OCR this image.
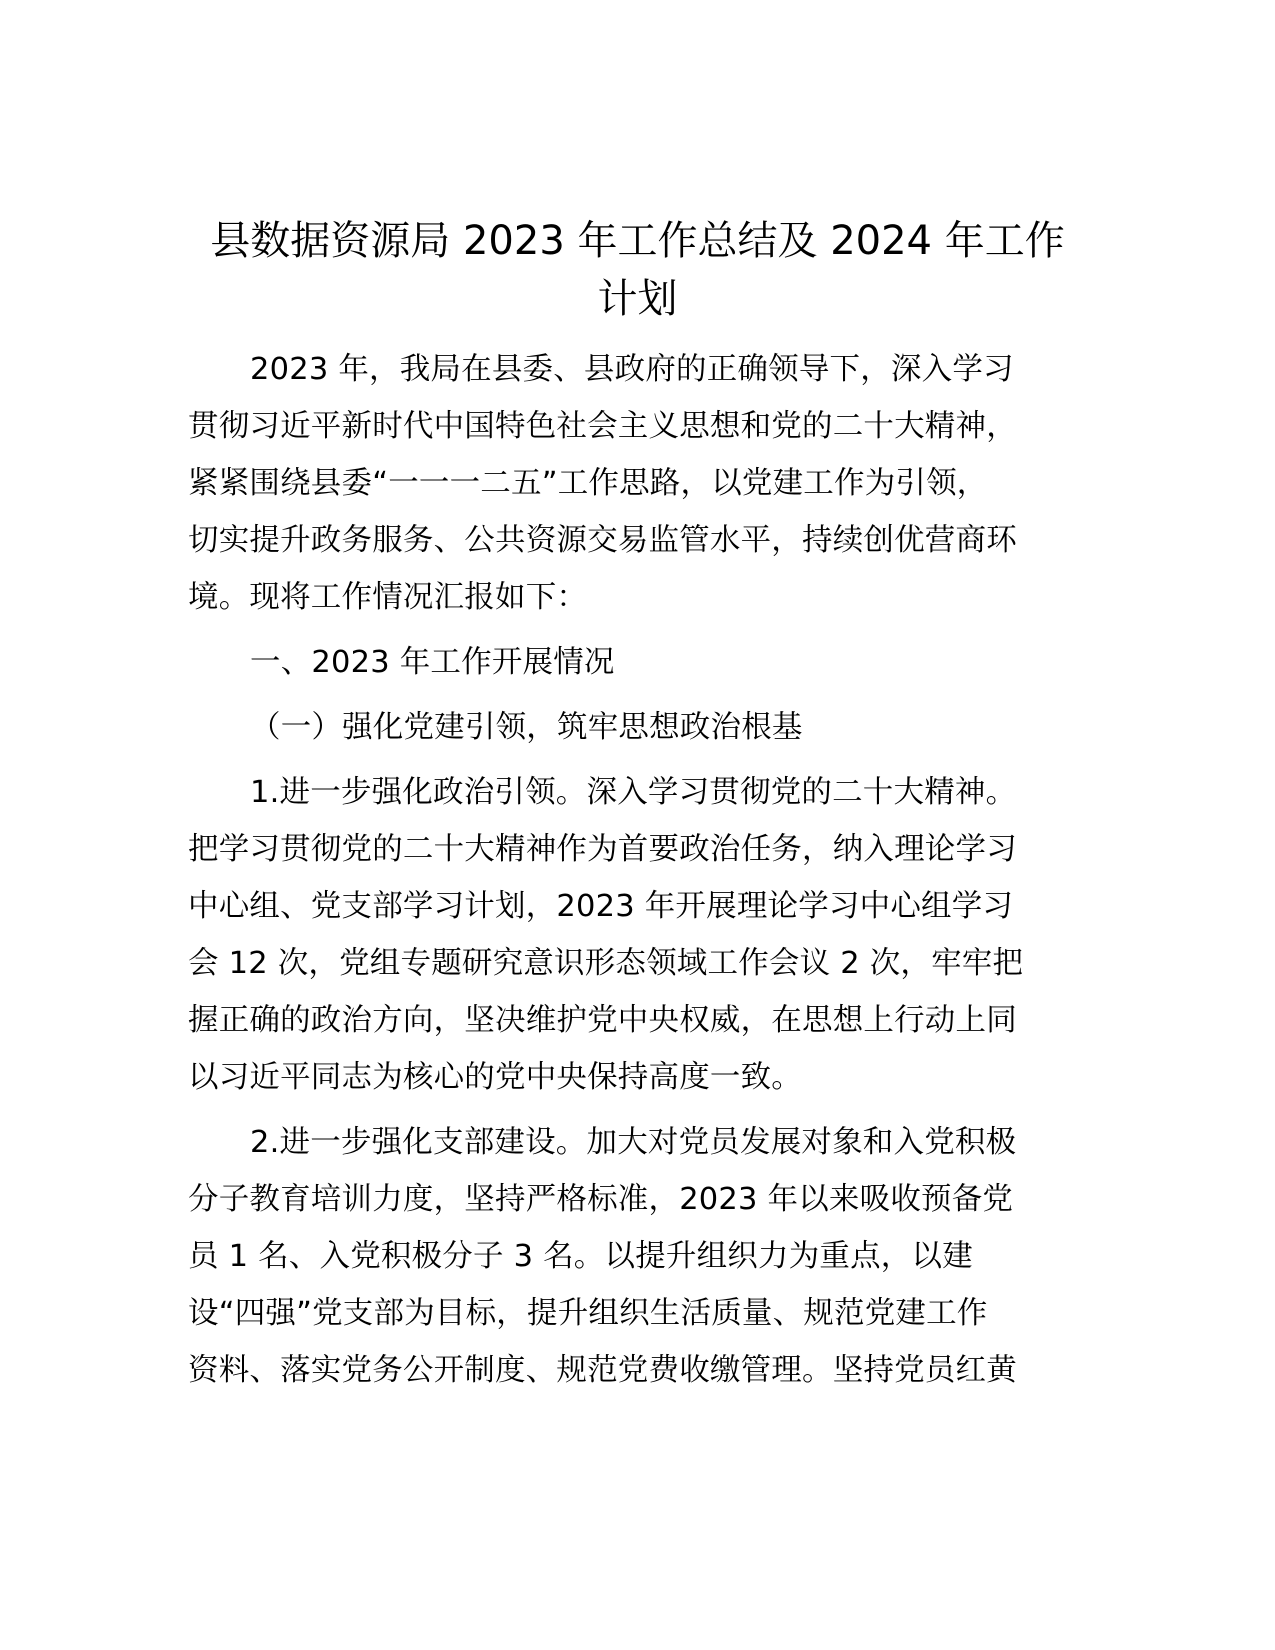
县数据资源局 2023 年工作总结及 2024 年工作
计划
2023 年，我局在县委、县政府的正确领导下，深入学习
贯彻习近平新时代中国特色社会主义思想和党的二十大精神，
紧紧围绕县委“一一一二五”工作思路，以党建工作为引领，
切实提升政务服务、公共资源交易监管水平，持续创优营商环
境。现将工作情况汇报如下：
一、2023 年工作开展情况
（一）强化党建引领，筑牢思想政治根基
1.进一步强化政治引领。深入学习贯彻党的二十大精神。
把学习贯彻党的二十大精神作为首要政治任务，纳入理论学习
中心组、党支部学习计划，2023 年开展理论学习中心组学习
会 12 次，党组专题研究意识形态领域工作会议 2 次，牢牢把
握正确的政治方向，坚决维护党中央权威，在思想上行动上同
以习近平同志为核心的党中央保持高度一致。
2.进一步强化支部建设。加大对党员发展对象和入党积极
分子教育培训力度，坚持严格标准，2023 年以来吸收预备党
员 1 名、入党积极分子 3 名。以提升组织力为重点，以建
设“四强”党支部为目标，提升组织生活质量、规范党建工作
资料、落实党务公开制度、规范党费收缴管理。坚持党员红黄
